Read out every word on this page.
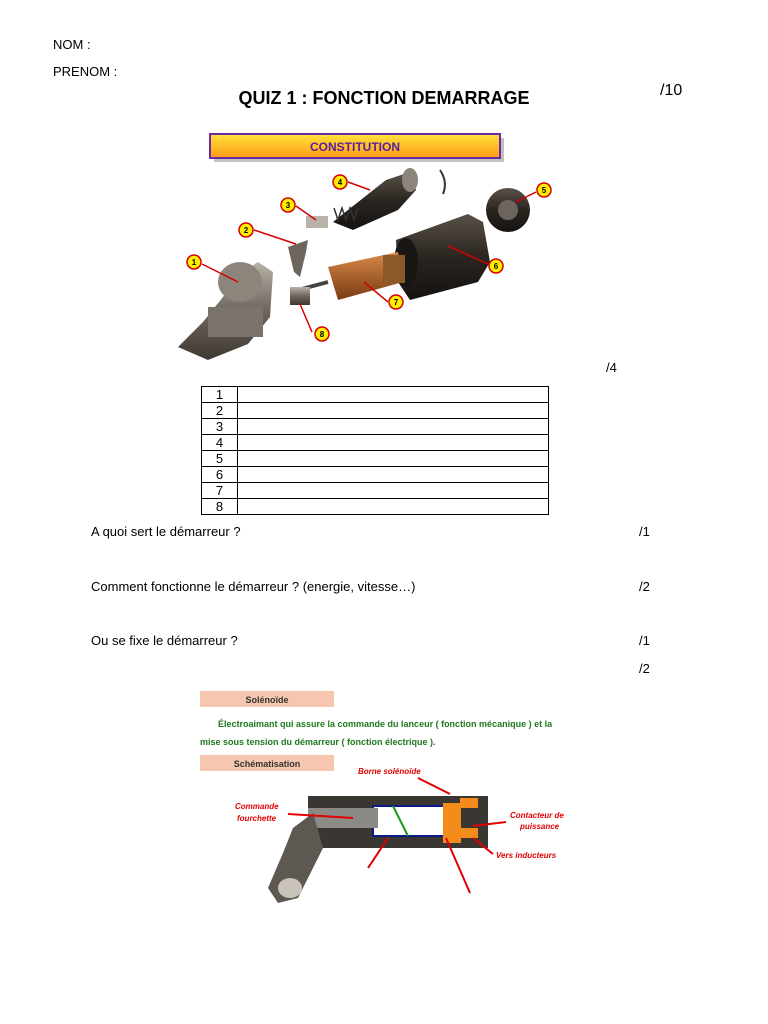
NOM :
PRENOM :
QUIZ 1 : FONCTION DEMARRAGE	/10
CONSTITUTION
1
2
3
4
5
6
7
8
/4
1	
2	
3	
4	
5	
6	
7	
8	
A quoi sert le démarreur ?	/1
Comment fonctionne le démarreur ? (energie, vitesse…)	/2
Ou se fixe le démarreur ?	/1
/2
Solénoïde
Électroaimant qui assure la commande du lanceur ( fonction mécanique ) et la
mise sous tension du démarreur ( fonction électrique ).
Schématisation
Borne solénoïde
Commande
fourchette	Contacteur de
puissance
Vers inducteurs
